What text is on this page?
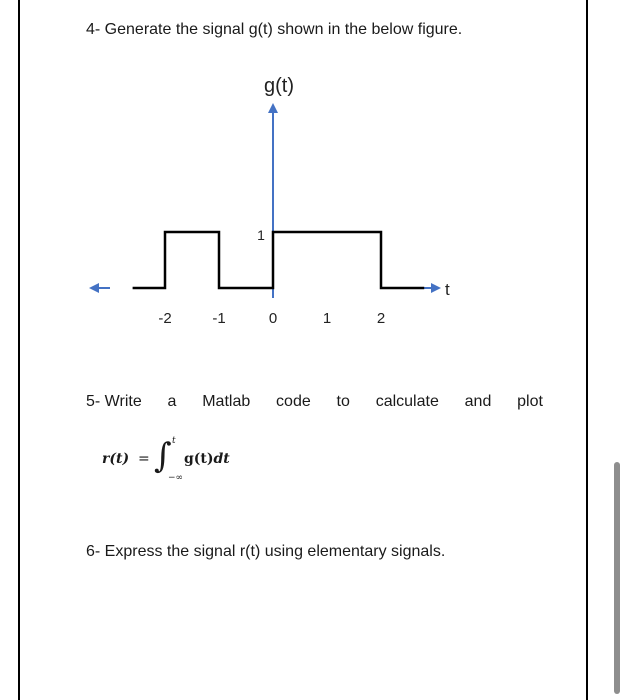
4- Generate the signal g(t) shown in the below figure.
g(t)
t
1
-2	-1	0	1	2
5- Write a Matlab code to calculate and plot
r(t) = ∫ t
−∞
g(t)dt
6- Express the signal r(t) using elementary signals.
